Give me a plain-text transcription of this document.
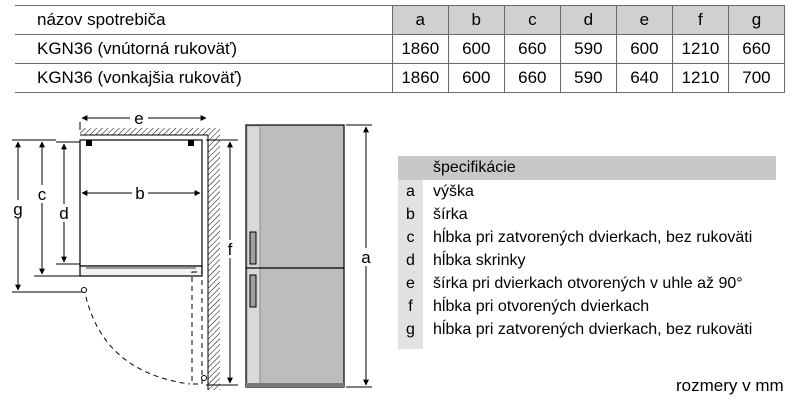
názov spotrebiča	a	b	c	d	e	f	g
KGN36 (vnútorná rukoväť)	1860	600	660	590	600	1210	660
KGN36 (vonkajšia rukoväť)	1860	600	660	590	640	1210	700
e
b
d
c
g
f	a
špecifikácie
a	výška
b	šírka
c	hĺbka pri zatvorených dvierkach, bez rukoväti
d	hĺbka skrinky
e	šírka pri dvierkach otvorených v uhle až 90°
f	hĺbka pri otvorených dvierkach
g	hĺbka pri zatvorených dvierkach, bez rukoväti
rozmery v mm
